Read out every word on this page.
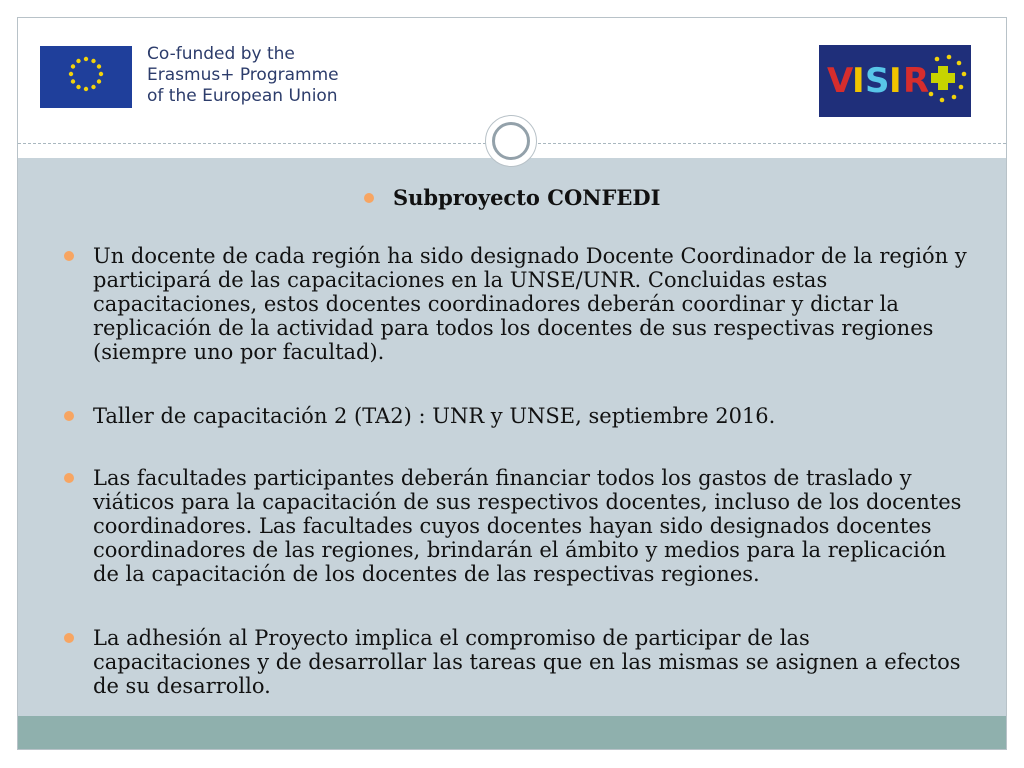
Co-funded by the
Erasmus+ Programme
of the European Union	V
I S I R

Subproyecto CONFEDI

Un docente de cada región ha sido designado Docente Coordinador de la región y participará de las capacitaciones en la UNSE/UNR. Concluidas estas capacitaciones, estos docentes coordinadores deberán coordinar y dictar la replicación de la actividad para todos los docentes de sus respectivas regiones (siempre uno por facultad).

Taller de capacitación 2 (TA2) : UNR y UNSE, septiembre 2016.

Las facultades participantes deberán financiar todos los gastos de traslado y viáticos para la capacitación de sus respectivos docentes, incluso de los docentes coordinadores. Las facultades cuyos docentes hayan sido designados docentes coordinadores de las regiones, brindarán el ámbito y medios para la replicación de la capacitación de los docentes de las respectivas regiones.

La adhesión al Proyecto implica el compromiso de participar de las capacitaciones y de desarrollar las tareas que en las mismas se asignen a efectos de su desarrollo.
